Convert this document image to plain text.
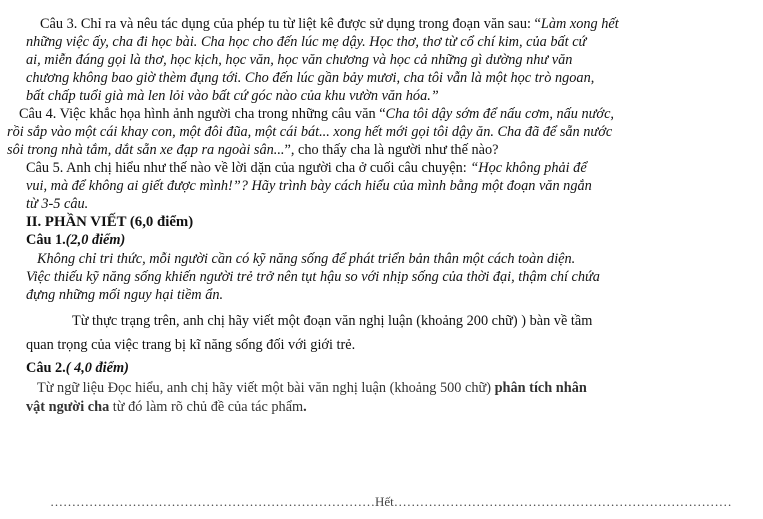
Câu 3. Chỉ ra và nêu tác dụng của phép tu từ liệt kê được sử dụng trong đoạn văn sau: “Làm xong hết
những việc ấy, cha đi học bài. Cha học cho đến lúc mẹ dậy. Học thơ, thơ từ cổ chí kim, của bất cứ
ai, miễn đáng gọi là thơ, học kịch, học văn, học văn chương và học cả những gì dường như văn
chương không bao giờ thèm đụng tới. Cho đến lúc gần bảy mươi, cha tôi vẫn là một học trò ngoan,
bất chấp tuổi già mà len lỏi vào bất cứ góc nào của khu vườn văn hóa.”
Câu 4. Việc khắc họa hình ảnh người cha trong những câu văn “Cha tôi dậy sớm để nấu cơm, nấu nước,
rồi sắp vào một cái khay con, một đôi đũa, một cái bát... xong hết mới gọi tôi dậy ăn. Cha đã để sẵn nước
sôi trong nhà tắm, dắt sẵn xe đạp ra ngoài sân...”, cho thấy cha là người như thế nào?
Câu 5. Anh chị hiểu như thế nào về lời dặn của người cha ở cuối câu chuyện: “Học không phải để
vui, mà để không ai giết được mình!”? Hãy trình bày cách hiểu của mình bằng một đoạn văn ngắn
từ 3-5 câu.
II. PHẦN VIẾT (6,0 điểm)
Câu 1.(2,0 điểm)
Không chỉ tri thức, mỗi người cần có kỹ năng sống để phát triển bản thân một cách toàn diện.
Việc thiếu kỹ năng sống khiến người trẻ trở nên tụt hậu so với nhịp sống của thời đại, thậm chí chứa
đựng những mối nguy hại tiềm ẩn.
Từ thực trạng trên, anh chị hãy viết một đoạn văn nghị luận (khoảng 200 chữ) ) bàn về tầm
quan trọng của việc trang bị kĩ năng sống đối với giới trẻ.
Câu 2.( 4,0 điểm)
Từ ngữ liệu Đọc hiểu, anh chị hãy viết một bài văn nghị luận (khoảng 500 chữ) phân tích nhân
vật người cha từ đó làm rõ chủ đề của tác phẩm.
…………………………………………………………………Hết……………………………………………………………………
